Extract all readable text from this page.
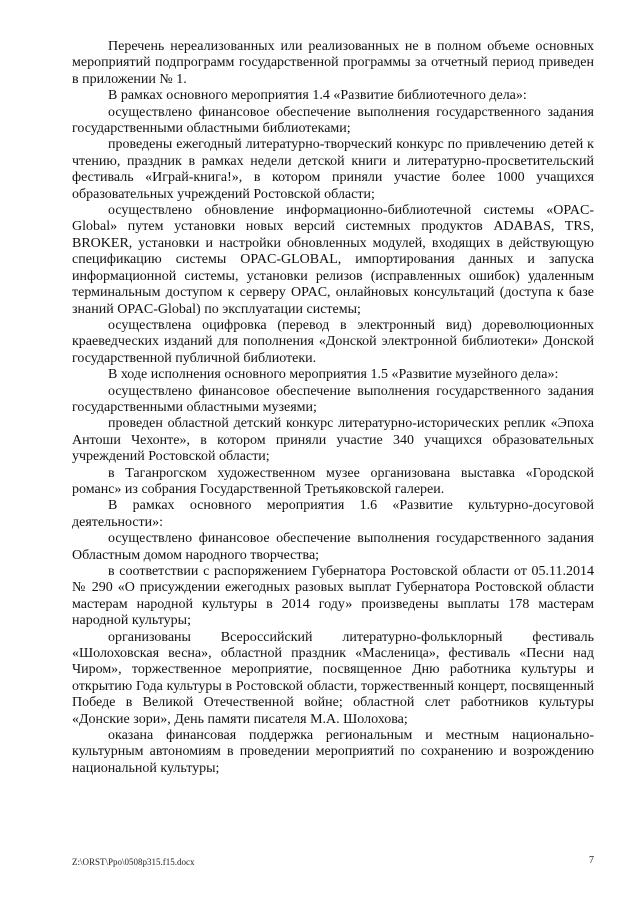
Перечень нереализованных или реализованных не в полном объеме основных мероприятий подпрограмм государственной программы за отчетный период приведен в приложении № 1.

В рамках основного мероприятия 1.4 «Развитие библиотечного дела»:

осуществлено финансовое обеспечение выполнения государственного задания государственными областными библиотеками;

проведены ежегодный литературно-творческий конкурс по привлечению детей к чтению, праздник в рамках недели детской книги и литературно-просветительский фестиваль «Играй-книга!», в котором приняли участие более 1000 учащихся образовательных учреждений Ростовской области;

осуществлено обновление информационно-библиотечной системы «OPAC-Global» путем установки новых версий системных продуктов ADABAS, TRS, BROKER, установки и настройки обновленных модулей, входящих в действующую спецификацию системы OPAC-GLOBAL, импортирования данных и запуска информационной системы, установки релизов (исправленных ошибок) удаленным терминальным доступом к серверу OPAC, онлайновых консультаций (доступа к базе знаний OPAC-Global) по эксплуатации системы;

осуществлена оцифровка (перевод в электронный вид) дореволюционных краеведческих изданий для пополнения «Донской электронной библиотеки» Донской государственной публичной библиотеки.

В ходе исполнения основного мероприятия 1.5 «Развитие музейного дела»:

осуществлено финансовое обеспечение выполнения государственного задания государственными областными музеями;

проведен областной детский конкурс литературно-исторических реплик «Эпоха Антоши Чехонте», в котором приняли участие 340 учащихся образовательных учреждений Ростовской области;

в Таганрогском художественном музее организована выставка «Городской романс» из собрания Государственной Третьяковской галереи.

В рамках основного мероприятия 1.6 «Развитие культурно-досуговой деятельности»:

осуществлено финансовое обеспечение выполнения государственного задания Областным домом народного творчества;

в соответствии с распоряжением Губернатора Ростовской области от 05.11.2014 № 290 «О присуждении ежегодных разовых выплат Губернатора Ростовской области мастерам народной культуры в 2014 году» произведены выплаты 178 мастерам народной культуры;

организованы Всероссийский литературно-фольклорный фестиваль «Шолоховская весна», областной праздник «Масленица», фестиваль «Песни над Чиром», торжественное мероприятие, посвященное Дню работника культуры и открытию Года культуры в Ростовской области, торжественный концерт, посвященный Победе в Великой Отечественной войне; областной слет работников культуры «Донские зори», День памяти писателя М.А. Шолохова;

оказана финансовая поддержка региональным и местным национально-культурным автономиям в проведении мероприятий по сохранению и возрождению национальной культуры;

Z:\ORST\Ppo\0508p315.f15.docx	7
